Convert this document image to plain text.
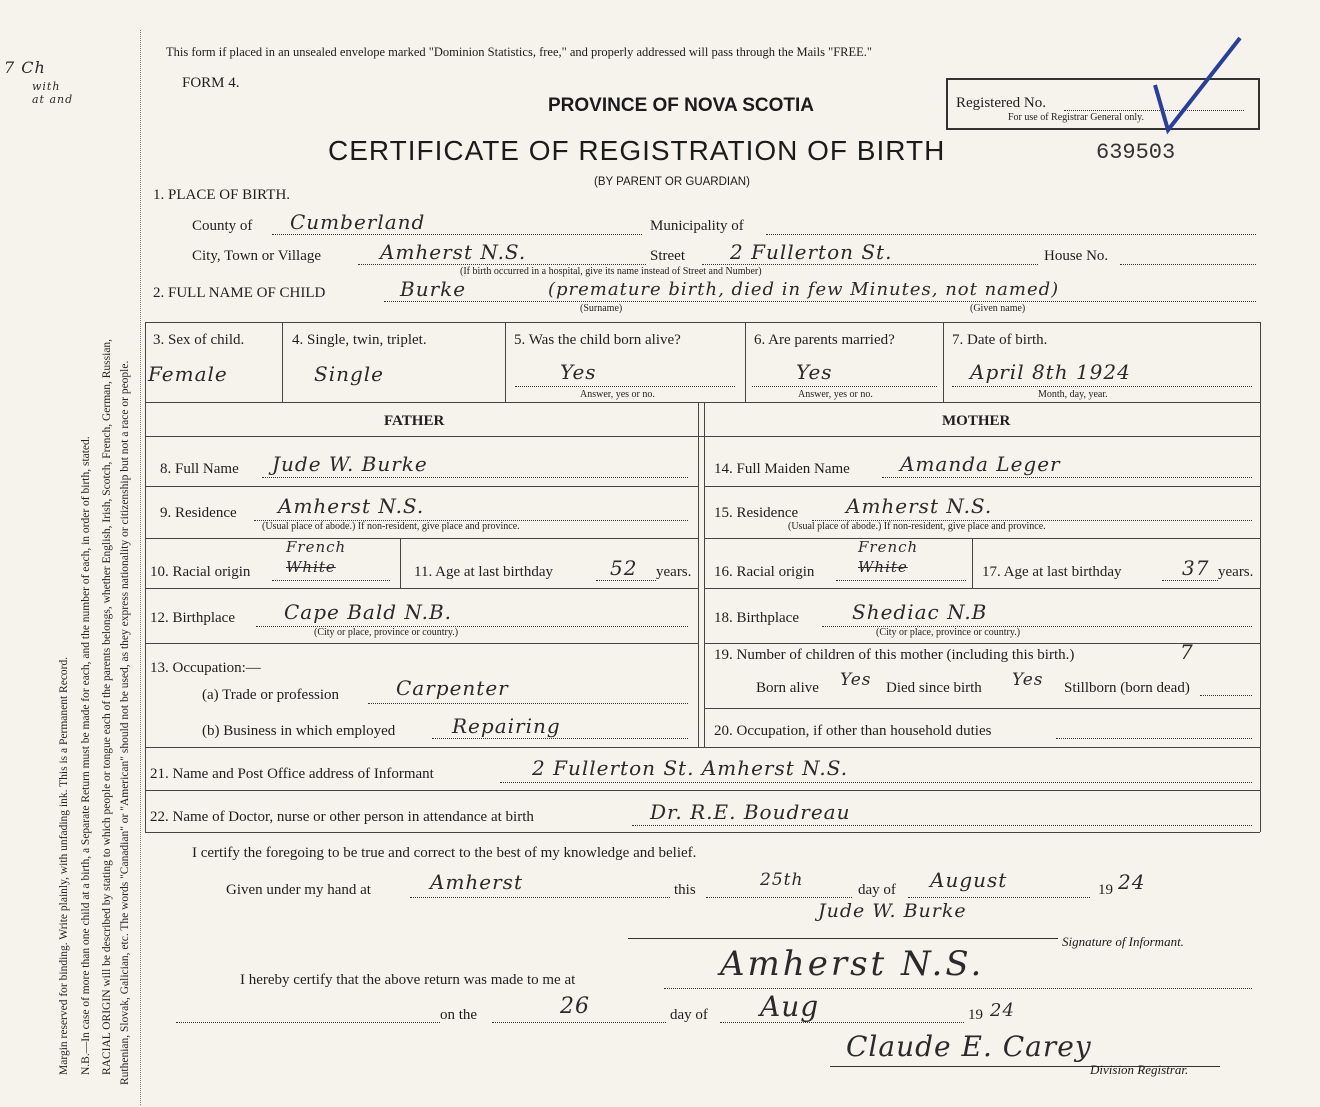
Margin reserved for binding. Write plainly, with unfading ink. This is a Permanent Record. N.B.—In case of more than one child at a birth, a Separate Return must be made for each, and the number of each, in order of birth, stated. RACIAL ORIGIN will be described by stating to which people or tongue each of the parents belongs, whether English, Irish, Scotch, French, German, Russian, Ruthenian, Slovak, Galician, etc. The words "Canadian" or "American" should not be used, as they express nationality or citizenship but not a race or people.
7 Ch
with
at and
This form if placed in an unsealed envelope marked "Dominion Statistics, free," and properly addressed will pass through the Mails "FREE."
FORM 4.
PROVINCE OF NOVA SCOTIA
CERTIFICATE OF REGISTRATION OF BIRTH
(BY PARENT OR GUARDIAN)
639503
Registered No.
For use of Registrar General only.
1. PLACE OF BIRTH.
County of Cumberland	Municipality of
City, Town or Village	Amherst N.S.	Street 2 Fullerton St.	House No.
(If birth occurred in a hospital, give its name instead of Street and Number)
2. FULL NAME OF CHILD	Burke	(premature birth, died in few Minutes, not named)
(Surname)	(Given name)
3. Sex of child.
Female
4. Single, twin, triplet.
Single
5. Was the child born alive?
Yes
Answer, yes or no.
6. Are parents married?
Yes
Answer, yes or no.
7. Date of birth.
April 8th 1924
Month, day, year.
FATHER	MOTHER
8. Full Name Jude W. Burke
9. Residence Amherst N.S.
(Usual place of abode.) If non-resident, give place and province.
10. Racial origin
French
White	11. Age at last birthday	52 years.
12. Birthplace Cape Bald N.B.
(City or place, province or country.)
13. Occupation:—
(a) Trade or profession	Carpenter
(b) Business in which employed	Repairing
14. Full Maiden Name	Amanda Leger
15. Residence Amherst N.S.
(Usual place of abode.) If non-resident, give place and province.
16. Racial origin
French
White	17. Age at last birthday	37 years.
18. Birthplace	Shediac N.B
(City or place, province or country.)
19. Number of children of this mother (including this birth.)	7
Born alive Yes Died since birth Yes Stillborn (born dead)
20. Occupation, if other than household duties
21. Name and Post Office address of Informant	2 Fullerton St. Amherst N.S.
22. Name of Doctor, nurse or other person in attendance at birth	Dr. R.E. Boudreau
I certify the foregoing to be true and correct to the best of my knowledge and belief.
Given under my hand at	Amherst	this	25th	day of August	19 24
Jude W. Burke
Signature of Informant.
I hereby certify that the above return was made to me at	Amherst N.S.
on the	26	day of Aug	19 24
Claude E. Carey
Division Registrar.
